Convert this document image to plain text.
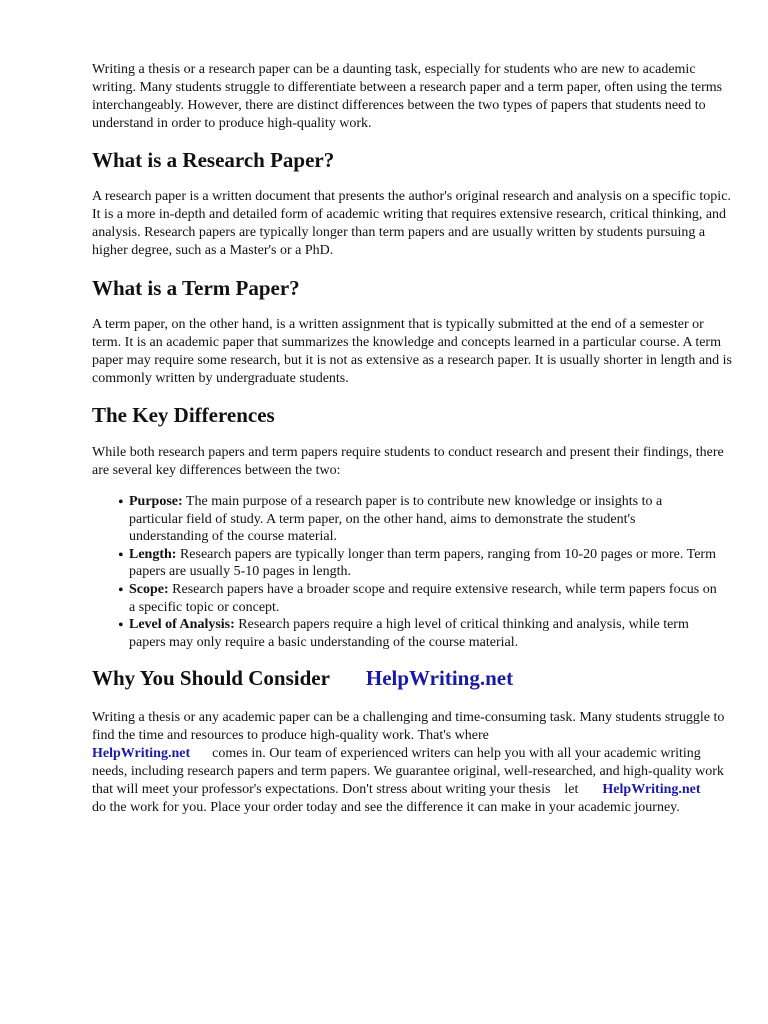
Writing a thesis or a research paper can be a daunting task, especially for students who are new to academic writing. Many students struggle to differentiate between a research paper and a term paper, often using the terms interchangeably. However, there are distinct differences between the two types of papers that students need to understand in order to produce high-quality work.

What is a Research Paper?

A research paper is a written document that presents the author's original research and analysis on a specific topic. It is a more in-depth and detailed form of academic writing that requires extensive research, critical thinking, and analysis. Research papers are typically longer than term papers and are usually written by students pursuing a higher degree, such as a Master's or a PhD.

What is a Term Paper?

A term paper, on the other hand, is a written assignment that is typically submitted at the end of a semester or term. It is an academic paper that summarizes the knowledge and concepts learned in a particular course. A term paper may require some research, but it is not as extensive as a research paper. It is usually shorter in length and is commonly written by undergraduate students.

The Key Differences

While both research papers and term papers require students to conduct research and present their findings, there are several key differences between the two:

• Purpose: The main purpose of a research paper is to contribute new knowledge or insights to a particular field of study. A term paper, on the other hand, aims to demonstrate the student's understanding of the course material.
• Length: Research papers are typically longer than term papers, ranging from 10-20 pages or more. Term papers are usually 5-10 pages in length.
• Scope: Research papers have a broader scope and require extensive research, while term papers focus on a specific topic or concept.
• Level of Analysis: Research papers require a high level of critical thinking and analysis, while term papers may only require a basic understanding of the course material.
Why You Should Consider HelpWriting.net

Writing a thesis or any academic paper can be a challenging and time-consuming task. Many students struggle to find the time and resources to produce high-quality work. That's where
HelpWriting.net comes in. Our team of experienced writers can help you with all your academic writing needs, including research papers and term papers. We guarantee original, well-researched, and high-quality work that will meet your professor's expectations. Don't stress about writing your thesis let HelpWriting.netdo the work for you. Place your order today and see the difference it can make in your academic journey.
